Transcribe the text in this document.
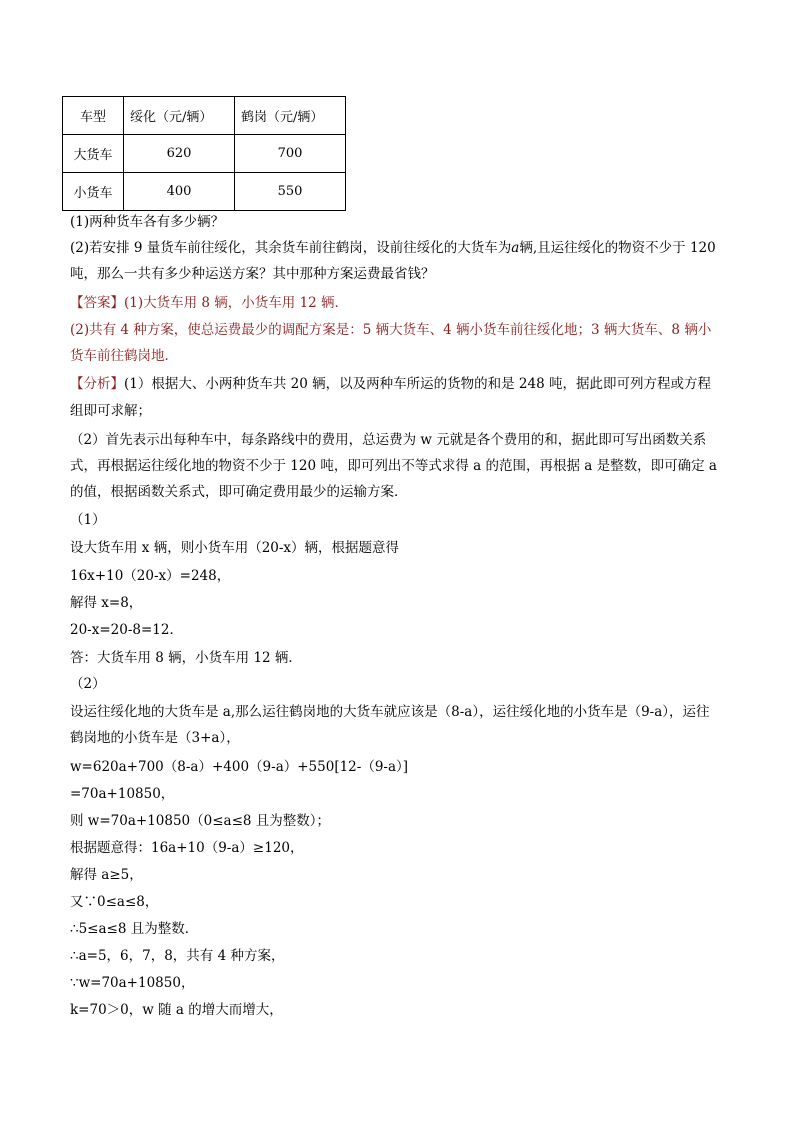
车型	绥化（元/辆）	鹤岗（元/辆）
大货车	620	700
小货车	400	550
(1)两种货车各有多少辆？
(2)若安排 9 量货车前往绥化，其余货车前往鹤岗，设前往绥化的大货车为a辆,且运往绥化的物资不少于 120
吨，那么一共有多少种运送方案？其中那种方案运费最省钱？
【答案】(1)大货车用 8 辆，小货车用 12 辆．
(2)共有 4 种方案，使总运费最少的调配方案是：5 辆大货车、4 辆小货车前往绥化地；3 辆大货车、8 辆小
货车前往鹤岗地．
【分析】(1）根据大、小两种货车共 20 辆，以及两种车所运的货物的和是 248 吨，据此即可列方程或方程
组即可求解；
（2）首先表示出每种车中，每条路线中的费用，总运费为 w 元就是各个费用的和，据此即可写出函数关系
式，再根据运往绥化地的物资不少于 120 吨，即可列出不等式求得 a 的范围，再根据 a 是整数，即可确定 a
的值，根据函数关系式，即可确定费用最少的运输方案．
（1）
设大货车用 x 辆，则小货车用（20-x）辆，根据题意得
16x+10（20-x）=248，
解得 x=8，
20-x=20-8=12．
答：大货车用 8 辆，小货车用 12 辆．
（2）
设运往绥化地的大货车是 a,那么运往鹤岗地的大货车就应该是（8-a），运往绥化地的小货车是（9-a），运往
鹤岗地的小货车是（3+a），
w=620a+700（8-a）+400（9-a）+550[12-（9-a）]
=70a+10850，
则 w=70a+10850（0≤a≤8 且为整数）；
根据题意得：16a+10（9-a）≥120，
解得 a≥5，
又∵0≤a≤8，
∴5≤a≤8 且为整数．
∴a=5，6，7，8，共有 4 种方案，
∵w=70a+10850，
k=70＞0，w 随 a 的增大而增大，
